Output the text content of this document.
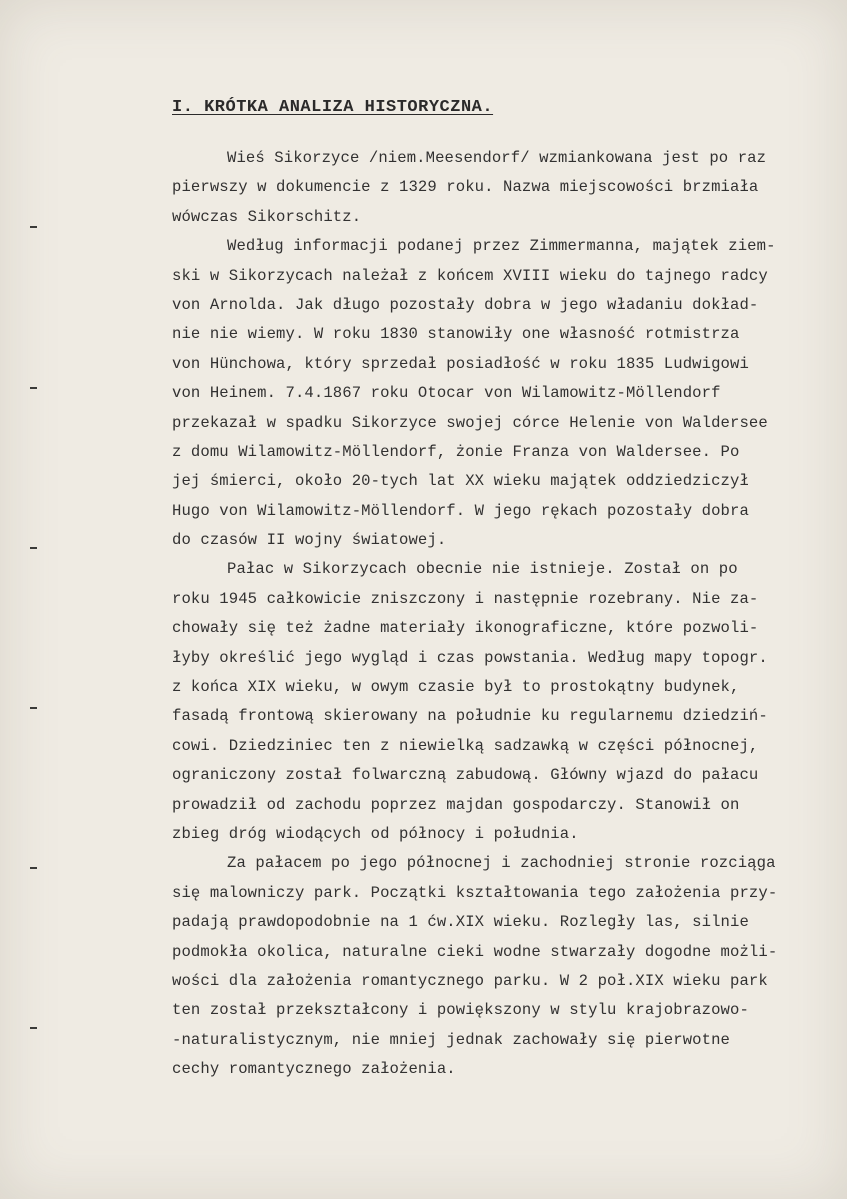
I. KRÓTKA ANALIZA HISTORYCZNA.
Wieś Sikorzyce /niem.Meesendorf/ wzmiankowana jest po raz
pierwszy w dokumencie z 1329 roku. Nazwa miejscowości brzmiała
wówczas Sikorschitz.
Według informacji podanej przez Zimmermanna, majątek ziem-
ski w Sikorzycach należał z końcem XVIII wieku do tajnego radcy
von Arnolda. Jak długo pozostały dobra w jego władaniu dokład-
nie nie wiemy. W roku 1830 stanowiły one własność rotmistrza
von Hünchowa, który sprzedał posiadłość w roku 1835 Ludwigowi
von Heinem. 7.4.1867 roku Otocar von Wilamowitz-Möllendorf
przekazał w spadku Sikorzyce swojej córce Helenie von Waldersee
z domu Wilamowitz-Möllendorf, żonie Franza von Waldersee. Po
jej śmierci, około 20-tych lat XX wieku majątek oddziedziczył
Hugo von Wilamowitz-Möllendorf. W jego rękach pozostały dobra
do czasów II wojny światowej.
Pałac w Sikorzycach obecnie nie istnieje. Został on po
roku 1945 całkowicie zniszczony i następnie rozebrany. Nie za-
chowały się też żadne materiały ikonograficzne, które pozwoli-
łyby określić jego wygląd i czas powstania. Według mapy topogr.
z końca XIX wieku, w owym czasie był to prostokątny budynek,
fasadą frontową skierowany na południe ku regularnemu dziedziń-
cowi. Dziedziniec ten z niewielką sadzawką w części północnej,
ograniczony został folwarczną zabudową. Główny wjazd do pałacu
prowadził od zachodu poprzez majdan gospodarczy. Stanowił on
zbieg dróg wiodących od północy i południa.
Za pałacem po jego północnej i zachodniej stronie rozciąga
się malowniczy park. Początki kształtowania tego założenia przy-
padają prawdopodobnie na 1 ćw.XIX wieku. Rozległy las, silnie
podmokła okolica, naturalne cieki wodne stwarzały dogodne możli-
wości dla założenia romantycznego parku. W 2 poł.XIX wieku park
ten został przekształcony i powiększony w stylu krajobrazowo-
-naturalistycznym, nie mniej jednak zachowały się pierwotne
cechy romantycznego założenia.
